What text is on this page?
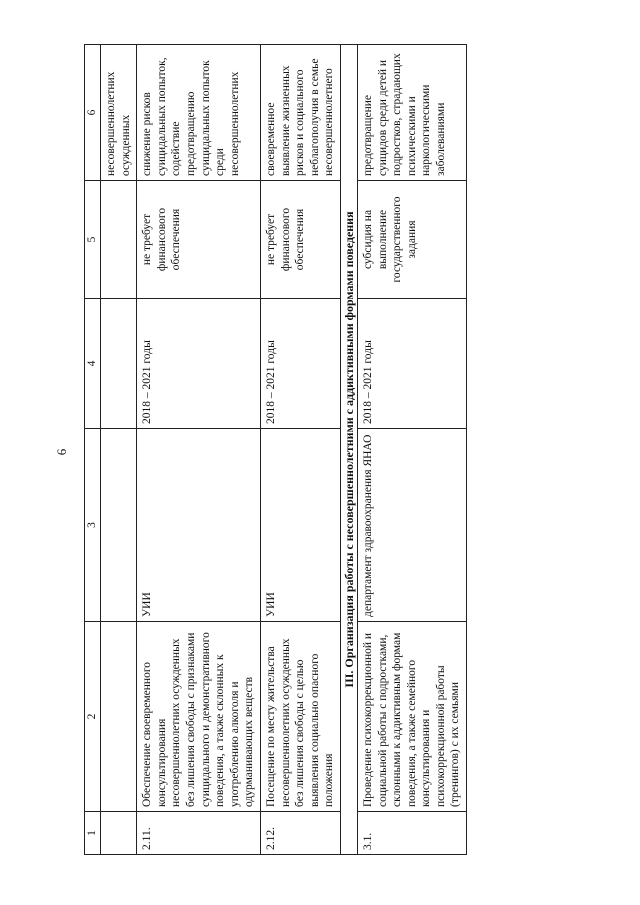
6
1	2	3	4	5	6
					несовершеннолетних осужденных
2.11.	Обеспечение своевременного консультирования несовершеннолетних осужденных без лишения свободы с признаками суицидального и демонстративного поведения, а также склонных к употреблению алкоголя и одурманивающих веществ	УИИ	2018 – 2021 годы	не требует финансового обеспечения	снижение рисков суицидальных попыток, содействие предотвращению суицидальных попыток среди несовершеннолетних
2.12.	Посещение по месту жительства несовершеннолетних осужденных без лишения свободы с целью выявления социально опасного положения	УИИ	2018 – 2021 годы	не требует финансового обеспечения	своевременное выявление жизненных рисков и социального неблагополучия в семье несовершеннолетнего
III. Организация работы с несовершеннолетними с аддиктивными формами поведения					
3.1.	Проведение психокоррекционной и социальной работы с подростками, склонными к аддиктивным формам поведения, а также семейного консультирования и психокоррекционной работы (тренингов) с их семьями	департамент здравоохранения ЯНАО	2018 – 2021 годы	субсидия на выполнение государственного задания	предотвращение суицидов среди детей и подростков, страдающих психическими и наркологическими заболеваниями
